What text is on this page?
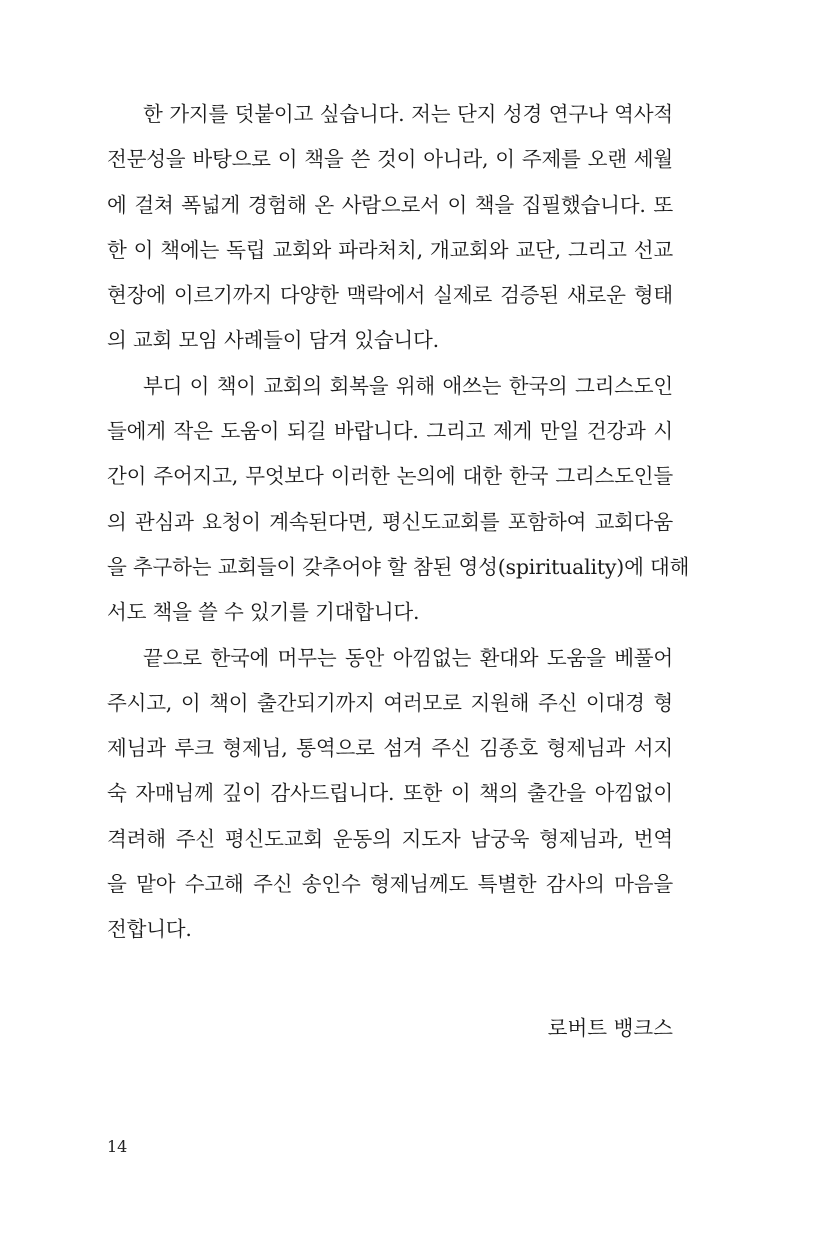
한 가지를 덧붙이고 싶습니다. 저는 단지 성경 연구나 역사적
전문성을 바탕으로 이 책을 쓴 것이 아니라, 이 주제를 오랜 세월
에 걸쳐 폭넓게 경험해 온 사람으로서 이 책을 집필했습니다. 또
한 이 책에는 독립 교회와 파라처치, 개교회와 교단, 그리고 선교
현장에 이르기까지 다양한 맥락에서 실제로 검증된 새로운 형태
의 교회 모임 사례들이 담겨 있습니다.
부디 이 책이 교회의 회복을 위해 애쓰는 한국의 그리스도인
들에게 작은 도움이 되길 바랍니다. 그리고 제게 만일 건강과 시
간이 주어지고, 무엇보다 이러한 논의에 대한 한국 그리스도인들
의 관심과 요청이 계속된다면, 평신도교회를 포함하여 교회다움
을 추구하는 교회들이 갖추어야 할 참된 영성(spirituality)에 대해
서도 책을 쓸 수 있기를 기대합니다.
끝으로 한국에 머무는 동안 아낌없는 환대와 도움을 베풀어
주시고, 이 책이 출간되기까지 여러모로 지원해 주신 이대경 형
제님과 루크 형제님, 통역으로 섬겨 주신 김종호 형제님과 서지
숙 자매님께 깊이 감사드립니다. 또한 이 책의 출간을 아낌없이
격려해 주신 평신도교회 운동의 지도자 남궁욱 형제님과, 번역
을 맡아 수고해 주신 송인수 형제님께도 특별한 감사의 마음을
전합니다.
로버트 뱅크스
14
